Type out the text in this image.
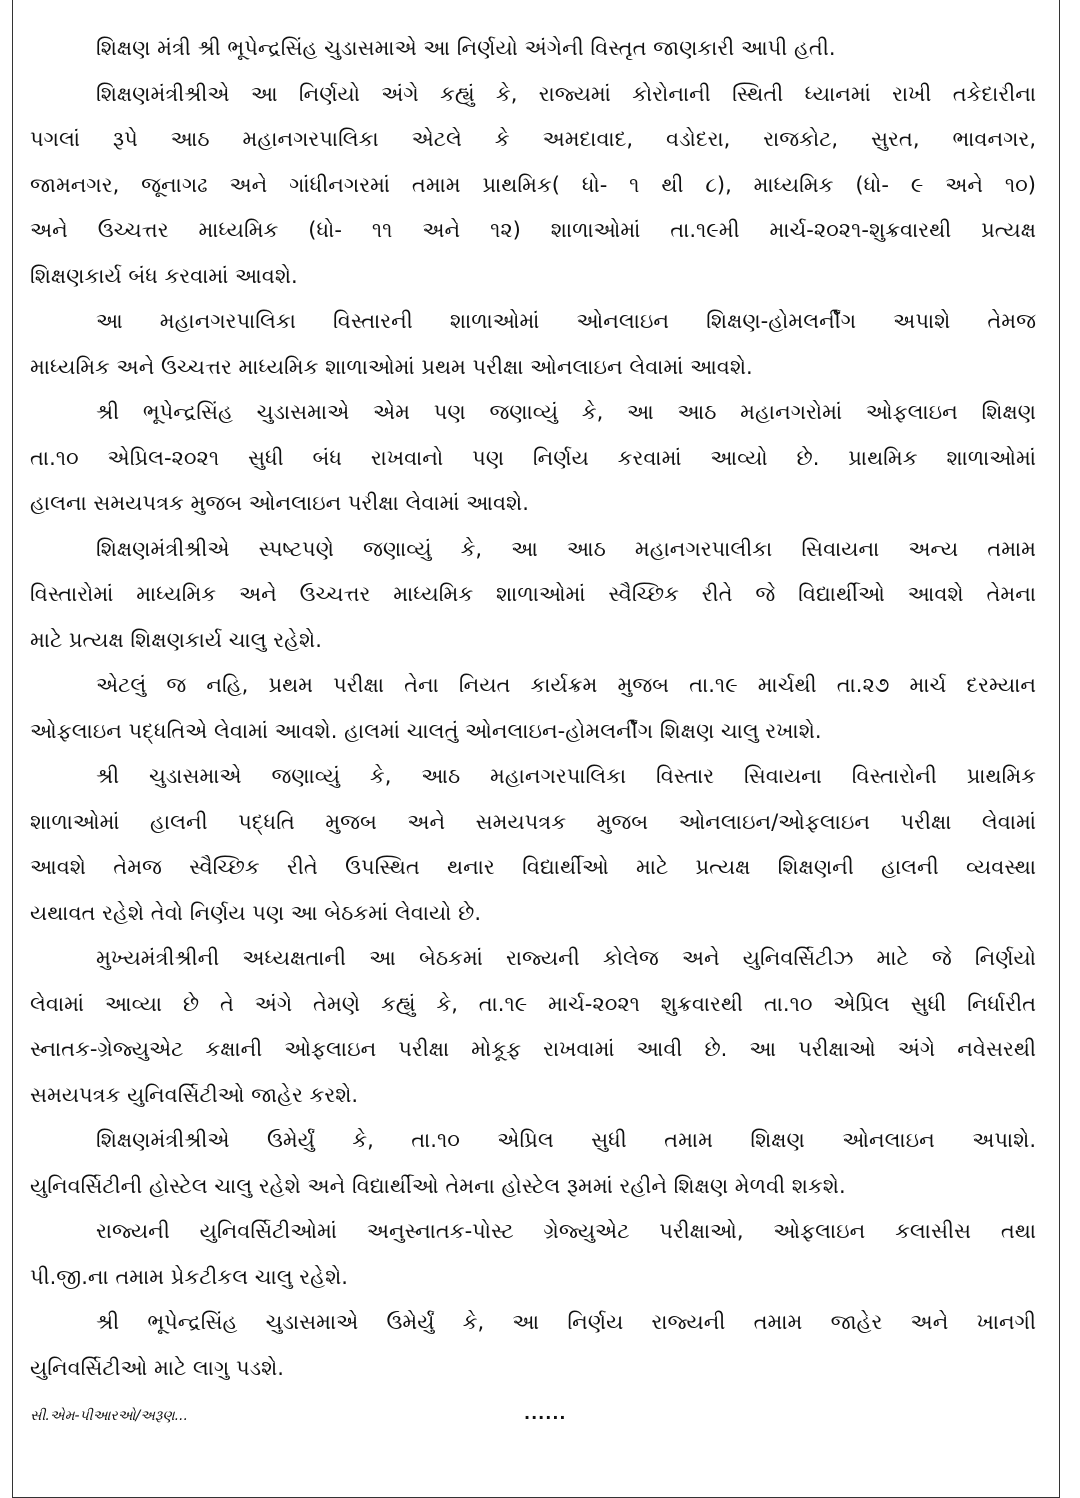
શિક્ષણ મંત્રી શ્રી ભૂપેન્દ્રસિંહ ચુડાસમાએ આ નિર્ણયો અંગેની વિસ્તૃત જાણકારી આપી હતી.
શિક્ષણમંત્રીશ્રીએ આ નિર્ણયો અંગે કહ્યું કે, રાજ્યમાં કોરોનાની સ્થિતી ધ્યાનમાં રાખી તકેદારીના
પગલાં રૂપે આઠ મહાનગરપાલિકા એટલે કે અમદાવાદ, વડોદરા, રાજકોટ, સુરત, ભાવનગર,
જામનગર, જૂનાગઢ અને ગાંધીનગરમાં તમામ પ્રાથમિક( ધો- ૧ થી ૮), માધ્યમિક (ધો- ૯ અને ૧૦)
અને ઉચ્ચત્તર માધ્યમિક (ધો- ૧૧ અને ૧૨) શાળાઓમાં તા.૧૯મી માર્ચ-૨૦૨૧-શુક્રવારથી પ્રત્યક્ષ
શિક્ષણકાર્ય બંધ કરવામાં આવશે.
આ મહાનગરપાલિકા વિસ્તારની શાળાઓમાં ઓનલાઇન શિક્ષણ-હોમલર્નીંગ અપાશે તેમજ
માધ્યમિક અને ઉચ્ચત્તર માધ્યમિક શાળાઓમાં પ્રથમ પરીક્ષા ઓનલાઇન લેવામાં આવશે.
શ્રી ભૂપેન્દ્રસિંહ ચુડાસમાએ એમ પણ જણાવ્યું કે, આ આઠ મહાનગરોમાં ઓફલાઇન શિક્ષણ
તા.૧૦ એપ્રિલ-૨૦૨૧ સુધી બંધ રાખવાનો પણ નિર્ણય કરવામાં આવ્યો છે. પ્રાથમિક શાળાઓમાં
હાલના સમયપત્રક મુજબ ઓનલાઇન પરીક્ષા લેવામાં આવશે.
શિક્ષણમંત્રીશ્રીએ સ્પષ્ટપણે જણાવ્યું કે, આ આઠ મહાનગરપાલીકા સિવાયના અન્ય તમામ
વિસ્તારોમાં માધ્યમિક અને ઉચ્ચત્તર માધ્યમિક શાળાઓમાં સ્વૈચ્છિક રીતે જે વિદ્યાર્થીઓ આવશે તેમના
માટે પ્રત્યક્ષ શિક્ષણકાર્ય ચાલુ રહેશે.
એટલું જ નહિ, પ્રથમ પરીક્ષા તેના નિયત કાર્યક્રમ મુજબ તા.૧૯ માર્ચથી તા.૨૭ માર્ચ દરમ્યાન
ઓફલાઇન પદ્ધતિએ લેવામાં આવશે. હાલમાં ચાલતું ઓનલાઇન-હોમલર્નીંગ શિક્ષણ ચાલુ રખાશે.
શ્રી ચુડાસમાએ જણાવ્યું કે, આઠ મહાનગરપાલિકા વિસ્તાર સિવાયના વિસ્તારોની પ્રાથમિક
શાળાઓમાં હાલની પદ્ધતિ મુજબ અને સમયપત્રક મુજબ ઓનલાઇન/ઓફલાઇન પરીક્ષા લેવામાં
આવશે તેમજ સ્વૈચ્છિક રીતે ઉપસ્થિત થનાર વિદ્યાર્થીઓ માટે પ્રત્યક્ષ શિક્ષણની હાલની વ્યવસ્થા
યથાવત રહેશે તેવો નિર્ણય પણ આ બેઠકમાં લેવાયો છે.
મુખ્યમંત્રીશ્રીની અધ્યક્ષતાની આ બેઠકમાં રાજ્યની કોલેજ અને યુનિવર્સિટીઝ માટે જે નિર્ણયો
લેવામાં આવ્યા છે તે અંગે તેમણે કહ્યું કે, તા.૧૯ માર્ચ-૨૦૨૧ શુક્રવારથી તા.૧૦ એપ્રિલ સુધી નિર્ધારીત
સ્નાતક-ગ્રેજ્યુએટ કક્ષાની ઓફલાઇન પરીક્ષા મોકૂફ રાખવામાં આવી છે. આ પરીક્ષાઓ અંગે નવેસરથી
સમયપત્રક યુનિવર્સિટીઓ જાહેર કરશે.
શિક્ષણમંત્રીશ્રીએ ઉમેર્યું કે, તા.૧૦ એપ્રિલ સુધી તમામ શિક્ષણ ઓનલાઇન અપાશે.
યુનિવર્સિટીની હોસ્ટેલ ચાલુ રહેશે અને વિદ્યાર્થીઓ તેમના હોસ્ટેલ રૂમમાં રહીને શિક્ષણ મેળવી શકશે.
રાજ્યની યુનિવર્સિટીઓમાં અનુસ્નાતક-પોસ્ટ ગ્રેજ્યુએટ પરીક્ષાઓ, ઓફલાઇન કલાસીસ તથા
પી.જી.ના તમામ પ્રેકટીકલ ચાલુ રહેશે.
શ્રી ભૂપેન્દ્રસિંહ ચુડાસમાએ ઉમેર્યું કે, આ નિર્ણય રાજ્યની તમામ જાહેર અને ખાનગી
યુનિવર્સિટીઓ માટે લાગુ પડશે.
સી.એમ-પીઆરઓ/અરૂણ...	......
